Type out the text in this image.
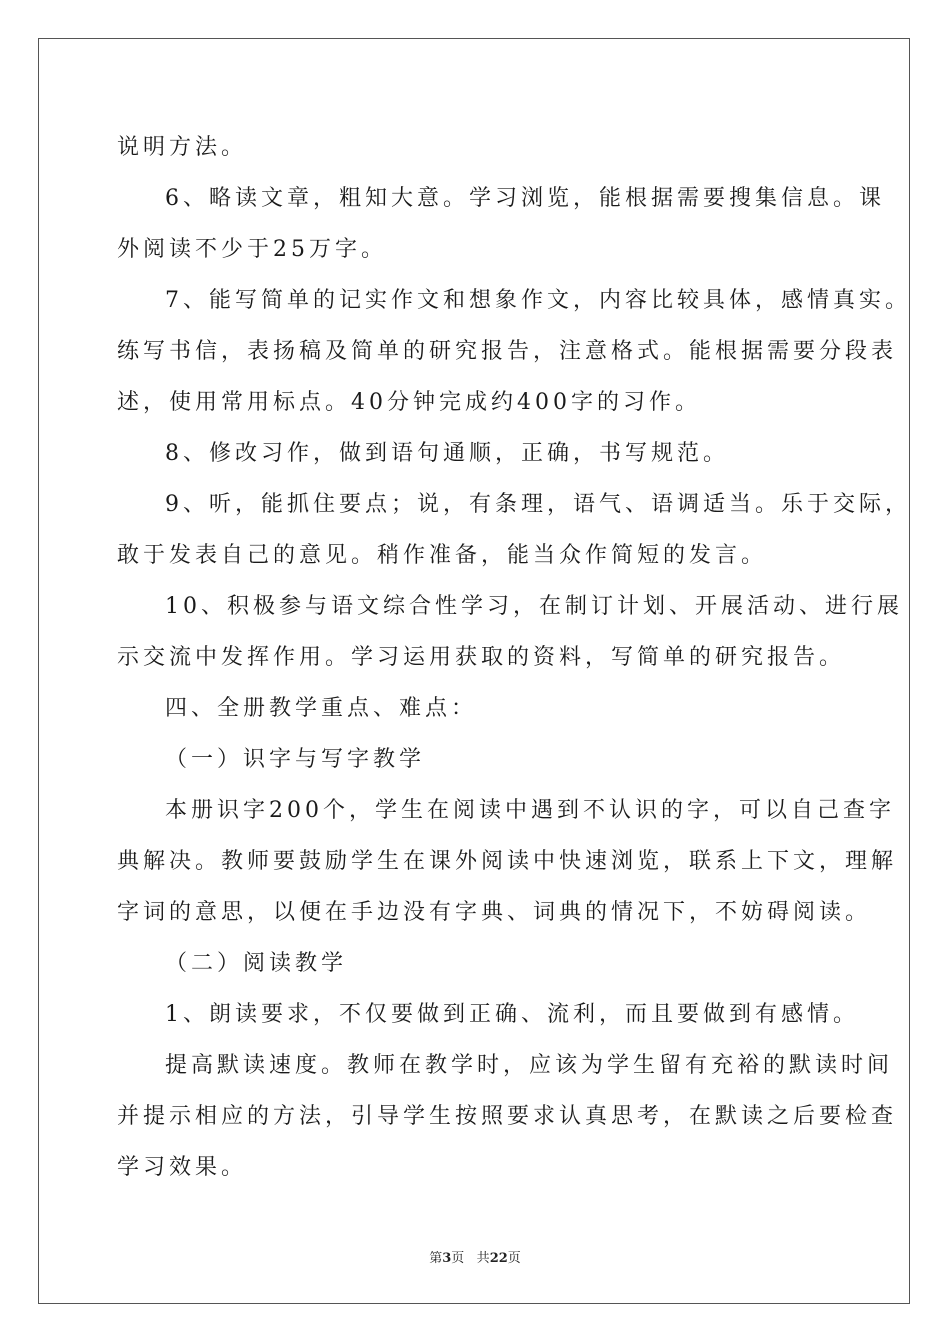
说明方法。
6、略读文章，粗知大意。学习浏览，能根据需要搜集信息。课
外阅读不少于25万字。
7、能写简单的记实作文和想象作文，内容比较具体，感情真实。
练写书信，表扬稿及简单的研究报告，注意格式。能根据需要分段表
述，使用常用标点。40分钟完成约400字的习作。
8、修改习作，做到语句通顺，正确，书写规范。
9、听，能抓住要点；说，有条理，语气、语调适当。乐于交际，
敢于发表自己的意见。稍作准备，能当众作简短的发言。
10、积极参与语文综合性学习，在制订计划、开展活动、进行展
示交流中发挥作用。学习运用获取的资料，写简单的研究报告。
四、全册教学重点、难点：
（一）识字与写字教学
本册识字200个，学生在阅读中遇到不认识的字，可以自己查字
典解决。教师要鼓励学生在课外阅读中快速浏览，联系上下文，理解
字词的意思，以便在手边没有字典、词典的情况下，不妨碍阅读。
（二）阅读教学
1、朗读要求，不仅要做到正确、流利，而且要做到有感情。
提高默读速度。教师在教学时，应该为学生留有充裕的默读时间
并提示相应的方法，引导学生按照要求认真思考，在默读之后要检查
学习效果。
第3页 共22页
